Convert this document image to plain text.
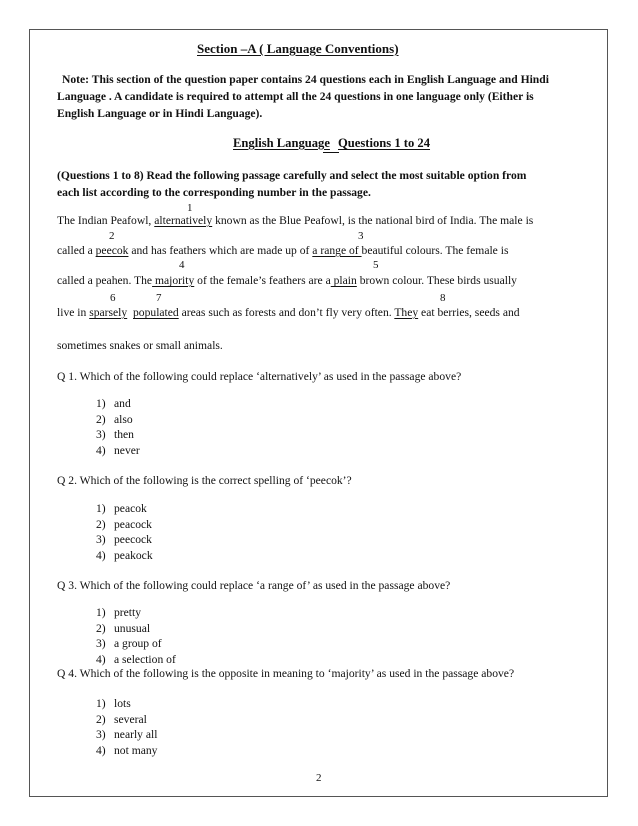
Section –A ( Language Conventions)
Note: This section of the question paper contains 24 questions each in English Language and Hindi
Language . A candidate is required to attempt all the 24 questions in one language only (Either is
English Language or in Hindi Language).
English Language Questions 1 to 24
(Questions 1 to 8) Read the following passage carefully and select the most suitable option from
each list according to the corresponding number in the passage.
1
2	3
4	5
6	7	8
The Indian Peafowl, alternatively known as the Blue Peafowl, is the national bird of India. The male is
called a peecok and has feathers which are made up of a range of beautiful colours. The female is
called a peahen. The majority of the female’s feathers are a plain brown colour. These birds usually
live in sparsely populated areas such as forests and don’t fly very often. They eat berries, seeds and
sometimes snakes or small animals.
Q 1. Which of the following could replace ‘alternatively’ as used in the passage above?
1) and
2) also
3) then
4) never
Q 2. Which of the following is the correct spelling of ‘peecok’?
1) peacok
2) peacock
3) peecock
4) peakock
Q 3. Which of the following could replace ‘a range of’ as used in the passage above?
1) pretty
2) unusual
3) a group of
4) a selection of
Q 4. Which of the following is the opposite in meaning to ‘majority’ as used in the passage above?
1) lots
2) several
3) nearly all
4) not many
2
